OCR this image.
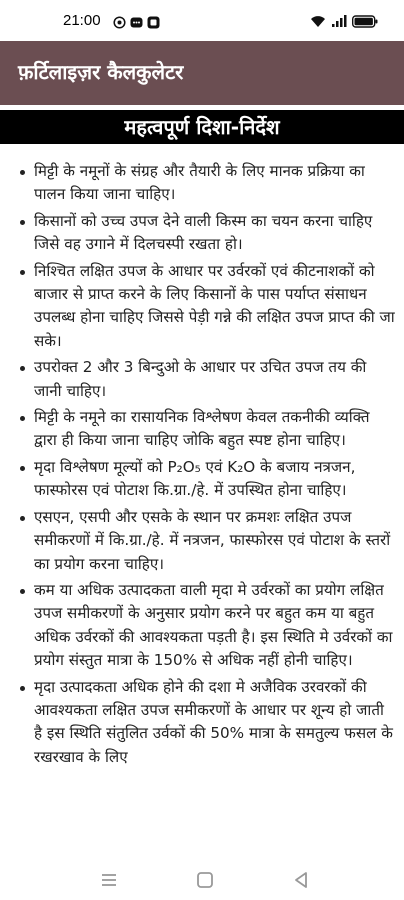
21:00
फ़र्टिलाइज़र कैलकुलेटर
महत्वपूर्ण दिशा-निर्देश
मिट्टी के नमूनों के संग्रह और तैयारी के लिए मानक प्रक्रिया का पालन किया जाना चाहिए।
किसानों को उच्च उपज देने वाली किस्म का चयन करना चाहिए जिसे वह उगाने में दिलचस्पी रखता हो।
निश्चित लक्षित उपज के आधार पर उर्वरकों एवं कीटनाशकों को बाजार से प्राप्त करने के लिए किसानों के पास पर्याप्त संसाधन उपलब्ध होना चाहिए जिससे पेड़ी गन्ने की लक्षित उपज प्राप्त की जा सके।
उपरोक्त 2 और 3 बिन्दुओ के आधार पर उचित उपज तय की जानी चाहिए।
मिट्टी के नमूने का रासायनिक विश्लेषण केवल तकनीकी व्यक्ति द्वारा ही किया जाना चाहिए जोकि बहुत स्पष्ट होना चाहिए।
मृदा विश्लेषण मूल्यों को P₂O₅ एवं K₂O के बजाय नत्रजन, फास्फोरस एवं पोटाश कि.ग्रा./हे. में उपस्थित होना चाहिए।
एसएन, एसपी और एसके के स्थान पर क्रमशः लक्षित उपज समीकरणों में कि.ग्रा./हे. में नत्रजन, फास्फोरस एवं पोटाश के स्तरों का प्रयोग करना चाहिए।
कम या अधिक उत्पादकता वाली मृदा मे उर्वरकों का प्रयोग लक्षित उपज समीकरणों के अनुसार प्रयोग करने पर बहुत कम या बहुत अधिक उर्वरकों की आवश्यकता पड़ती है। इस स्थिति मे उर्वरकों का प्रयोग संस्तुत मात्रा के 150% से अधिक नहीं होनी चाहिए।
मृदा उत्पादकता अधिक होने की दशा मे अजैविक उरवरकों की आवश्यकता लक्षित उपज समीकरणों के आधार पर शून्य हो जाती है इस स्थिति संतुलित उर्वकों की 50% मात्रा के समतुल्य फसल के रखरखाव के लिए
